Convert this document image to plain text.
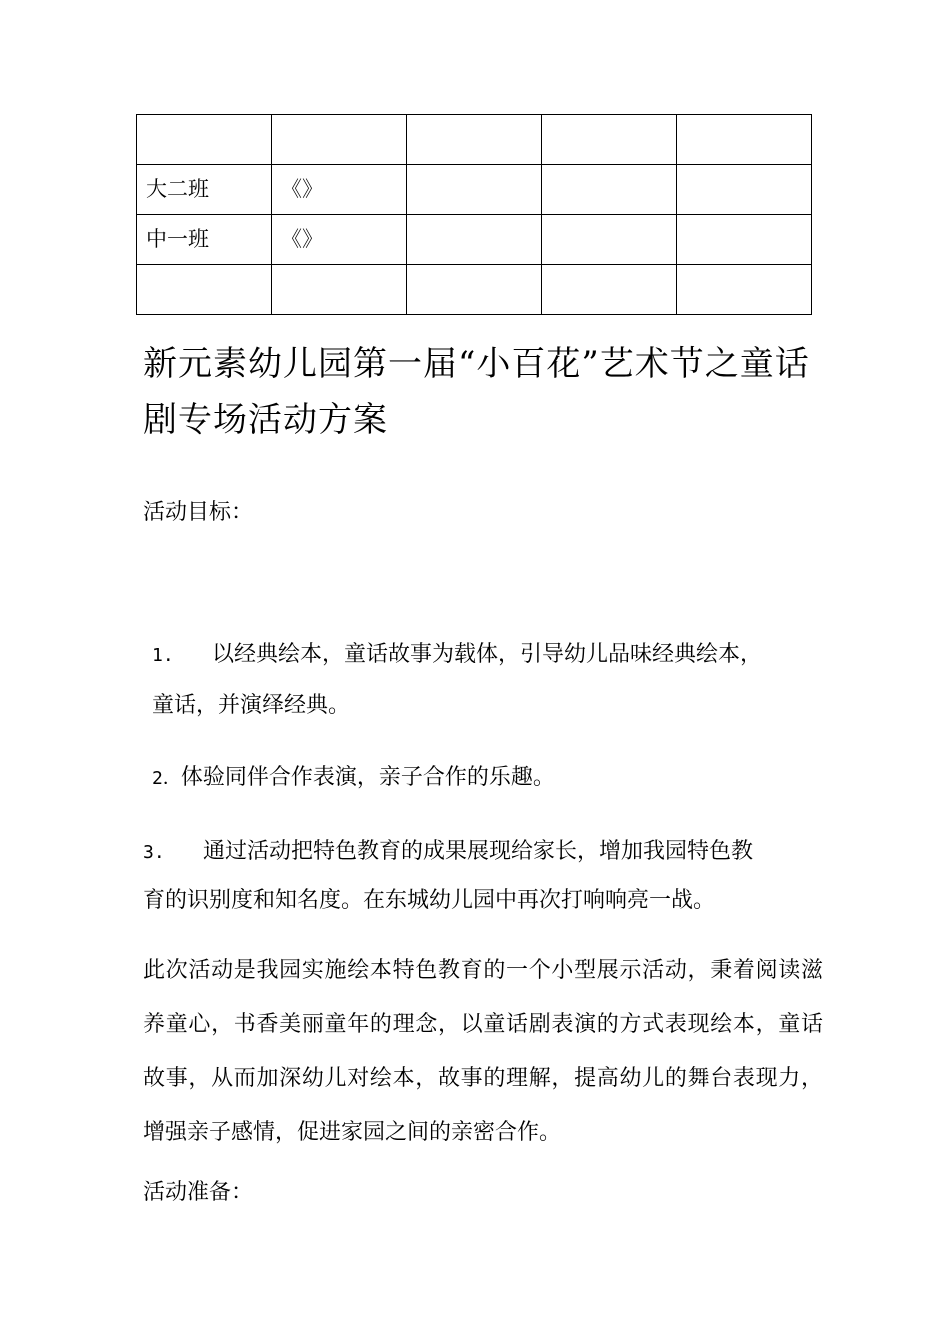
大二班	《》			
中一班	《》			

新元素幼儿园第一届“小百花”艺术节之童话剧专场活动方案

活动目标：

1. 以经典绘本，童话故事为载体，引导幼儿品味经典绘本，

童话，并演绎经典。

2．体验同伴合作表演，亲子合作的乐趣。

3. 通过活动把特色教育的成果展现给家长，增加我园特色教

育的识别度和知名度。在东城幼儿园中再次打响响亮一战。

此次活动是我园实施绘本特色教育的一个小型展示活动，秉着阅读滋养童心，书香美丽童年的理念，以童话剧表演的方式表现绘本，童话故事，从而加深幼儿对绘本，故事的理解，提高幼儿的舞台表现力，增强亲子感情，促进家园之间的亲密合作。

活动准备：
